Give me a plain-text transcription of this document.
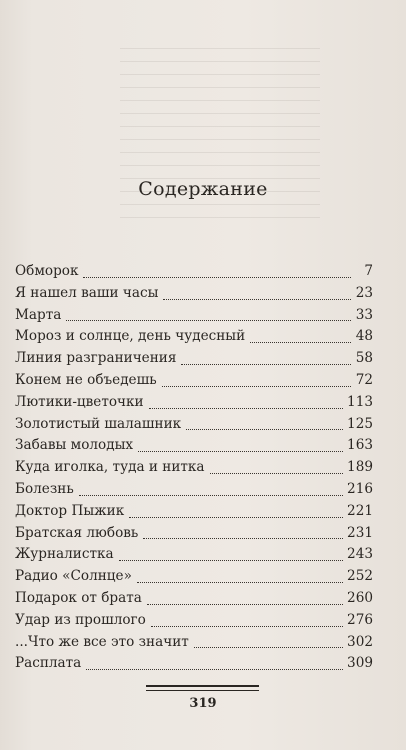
Содержание
Обморок	7
Я нашел ваши часы	23
Марта	33
Мороз и солнце, день чудесный	48
Линия разграничения	58
Конем не объедешь	72
Лютики-цветочки	113
Золотистый шалашник	125
Забавы молодых	163
Куда иголка, туда и нитка	189
Болезнь	216
Доктор Пыжик	221
Братская любовь	231
Журналистка	243
Радио «Солнце»	252
Подарок от брата	260
Удар из прошлого	276
...Что же все это значит	302
Расплата	309
319
